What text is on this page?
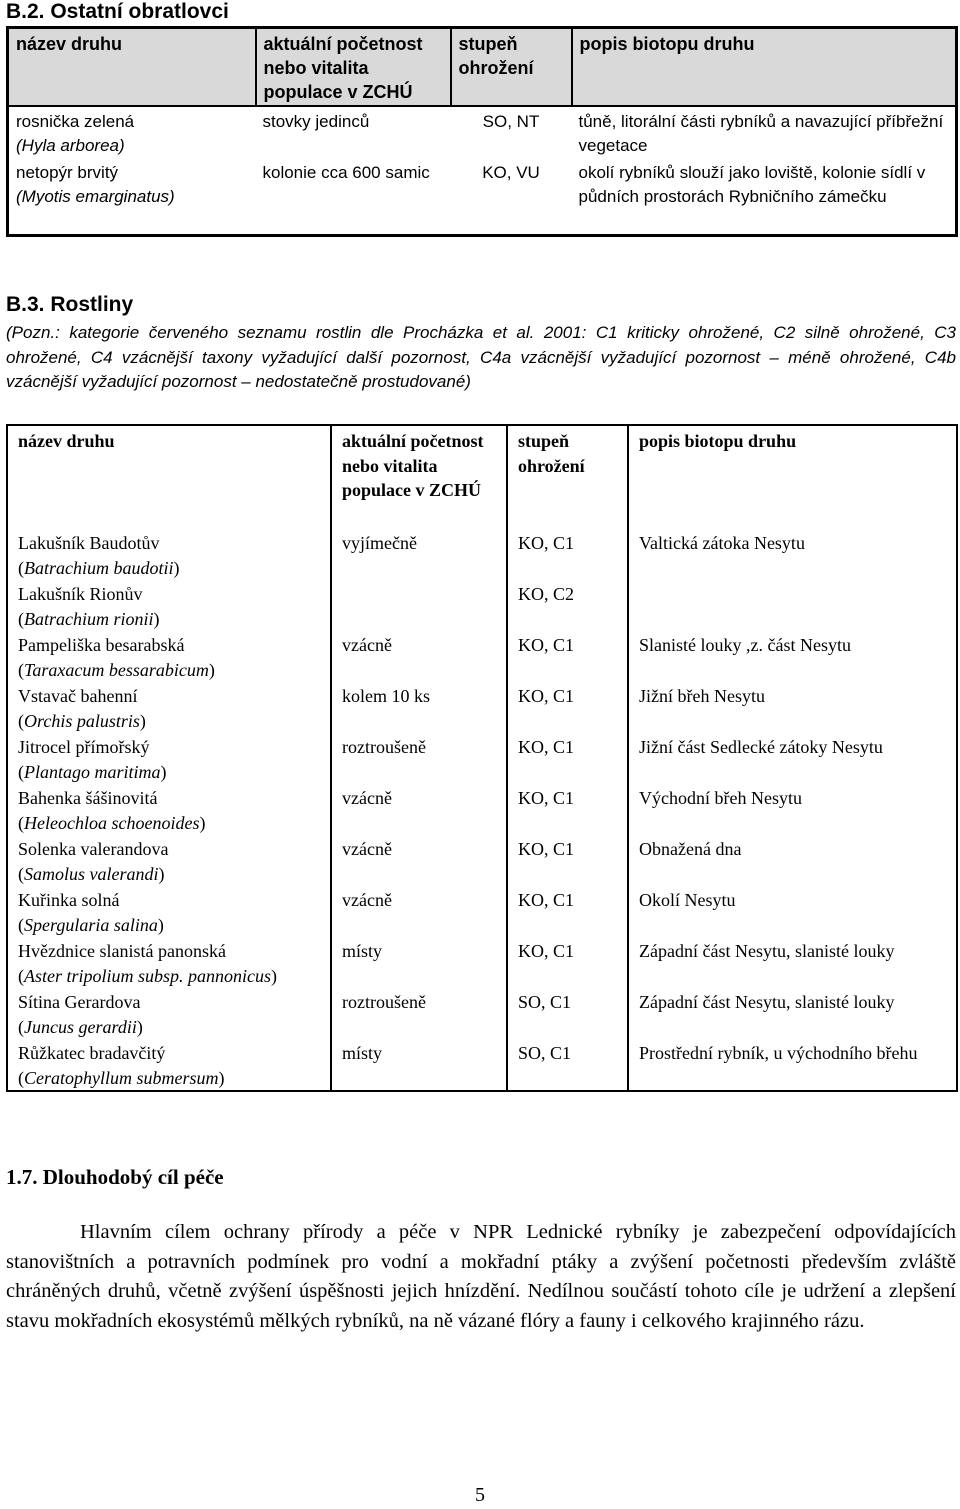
B.2. Ostatní obratlovci
název druhu	aktuální početnost nebo vitalita populace v ZCHÚ	stupeň ohrožení	popis biotopu druhu
rosnička zelená
(Hyla arborea)	stovky jedinců	SO, NT	tůně, litorální části rybníků a navazující příbřežní vegetace
netopýr brvitý
(Myotis emarginatus)	kolonie cca 600 samic	KO, VU	okolí rybníků slouží jako loviště, kolonie sídlí v půdních prostorách Rybničního zámečku
B.3. Rostliny
(Pozn.: kategorie červeného seznamu rostlin dle Procházka et al. 2001: C1 kriticky ohrožené, C2 silně ohrožené, C3 ohrožené, C4 vzácnější taxony vyžadující další pozornost, C4a vzácnější vyžadující pozornost – méně ohrožené, C4b vzácnější vyžadující pozornost – nedostatečně prostudované)
název druhu	aktuální početnost nebo vitalita populace v ZCHÚ	stupeň ohrožení	popis biotopu druhu
Lakušník Baudotův
(Batrachium baudotii)	vyjímečně	KO, C1	Valtická zátoka Nesytu
Lakušník Rionův
(Batrachium rionii)		KO, C2	
Pampeliška besarabská
(Taraxacum bessarabicum)	vzácně	KO, C1	Slanisté louky ,z. část Nesytu
Vstavač bahenní
(Orchis palustris)	kolem 10 ks	KO, C1	Jižní břeh Nesytu
Jitrocel přímořský
(Plantago maritima)	roztroušeně	KO, C1	Jižní část Sedlecké zátoky Nesytu
Bahenka šášinovitá
(Heleochloa schoenoides)	vzácně	KO, C1	Východní břeh Nesytu
Solenka valerandova
(Samolus valerandi)	vzácně	KO, C1	Obnažená dna
Kuřinka solná
(Spergularia salina)	vzácně	KO, C1	Okolí Nesytu
Hvězdnice slanistá panonská
(Aster tripolium subsp. pannonicus)	místy	KO, C1	Západní část Nesytu, slanisté louky
Sítina Gerardova
(Juncus gerardii)	roztroušeně	SO, C1	Západní část Nesytu, slanisté louky
Růžkatec bradavčitý
(Ceratophyllum submersum)	místy	SO, C1	Prostřední rybník, u východního břehu
1.7. Dlouhodobý cíl péče
Hlavním cílem ochrany přírody a péče v NPR Lednické rybníky je zabezpečení odpovídajících stanovištních a potravních podmínek pro vodní a mokřadní ptáky a zvýšení početnosti především zvláště chráněných druhů, včetně zvýšení úspěšnosti jejich hnízdění. Nedílnou součástí tohoto cíle je udržení a zlepšení stavu mokřadních ekosystémů mělkých rybníků, na ně vázané flóry a fauny i celkového krajinného rázu.
5
